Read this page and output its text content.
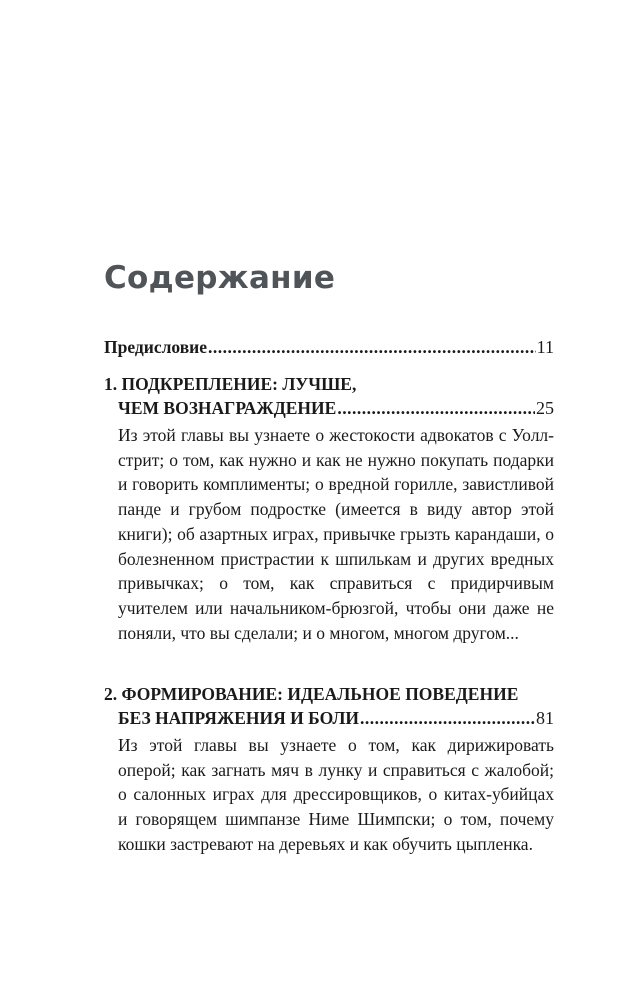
Содержание
Предисловие .....	11
1. ПОДКРЕПЛЕНИЕ: ЛУЧШЕ,
ЧЕМ ВОЗНАГРАЖДЕНИЕ .....	25
Из этой главы вы узнаете о жестокости адвокатов с Уолл-стрит; о том, как нужно и как не нужно покупать подарки и говорить комплименты; о вредной горилле, завистливой панде и грубом подростке (имеется в виду автор этой книги); об азартных играх, привычке грызть карандаши, о болезненном пристрастии к шпилькам и других вредных привычках; о том, как справиться с придирчивым учителем или начальником-брюзгой, чтобы они даже не поняли, что вы сделали; и о многом, многом другом...
2. ФОРМИРОВАНИЕ: ИДЕАЛЬНОЕ ПОВЕДЕНИЕ
БЕЗ НАПРЯЖЕНИЯ И БОЛИ .....	81
Из этой главы вы узнаете о том, как дирижировать оперой; как загнать мяч в лунку и справиться с жалобой; о салонных играх для дрессировщиков, о китах-убийцах и говорящем шимпанзе Ниме Шимпски; о том, почему кошки застревают на деревьях и как обучить цыпленка.
